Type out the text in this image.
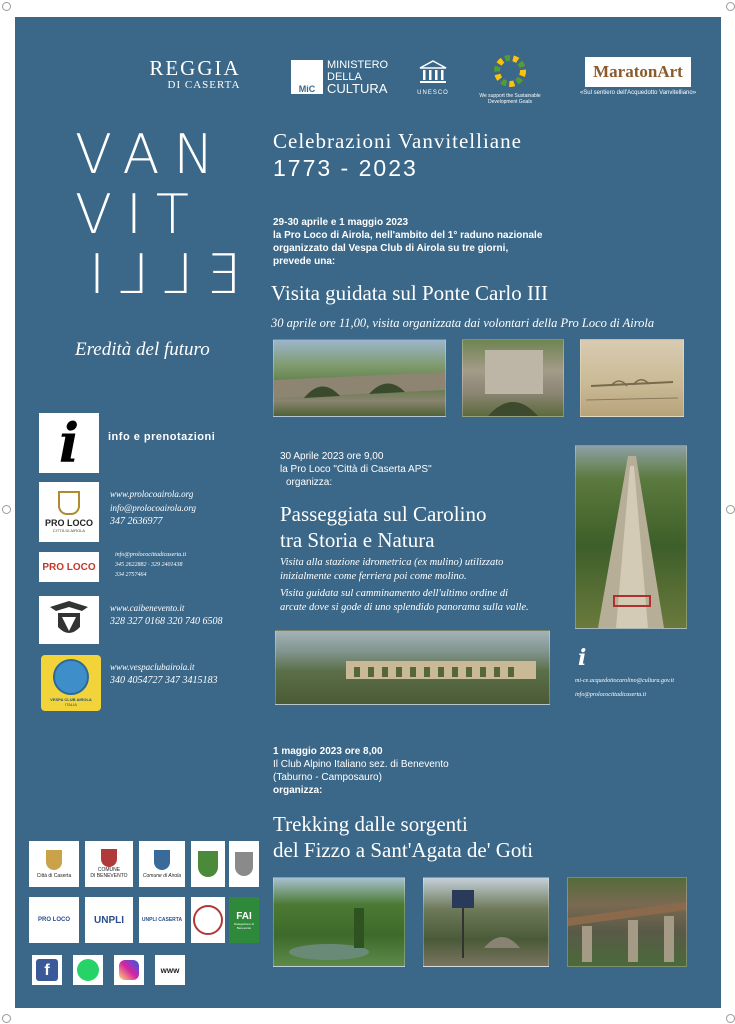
REGGIA
DI CASERTA	MiC
MINISTERO
DELLA
CULTURA	UNESCO	We support the Sustainable Development Goals
MaratonArt
«Sul sentiero dell'Acquedotto Vanvitelliano»
VAN
VIT
ELLI
Eredità del futuro
Celebrazioni Vanvitelliane
1773 - 2023
29-30 aprile e 1 maggio 2023
la Pro Loco di Airola, nell'ambito del 1° raduno nazionale
organizzato dal Vespa Club di Airola su tre giorni,
prevede una:
Visita guidata sul Ponte Carlo III
30 aprile ore 11,00, visita organizzata dai volontari della Pro Loco di Airola
i	info e prenotazioni
PRO LOCO
CITTÀ DI AIROLA
www.prolocoairola.org
info@prolocoairola.org
347 2636977
PRO LOCO
info@prolococittadicaserta.it
345 2622882 · 329 2401438
334 2757464
www.caibenevento.it
328 327 0168 320 740 6508
VESPA CLUB AIROLA
ITALIA
www.vespaclubairola.it
340 4054727 347 3415183
30 Aprile 2023 ore 9,00
la Pro Loco "Città di Caserta APS"
organizza:
Passeggiata sul Carolino
tra Storia e Natura
Visita alla stazione idrometrica (ex mulino) utilizzato
inizialmente come ferriera poi come molino.
Visita guidata sul camminamento dell'ultimo ordine di
arcate dove si gode di uno splendido panorama sulla valle.
i
mi-ce.acquedottocarolino@cultura.gov.it
info@prolococittadicaserta.it
1 maggio 2023 ore 8,00
Il Club Alpino Italiano sez. di Benevento
(Taburno - Camposauro)
organizza:
Trekking dalle sorgenti
del Fizzo a Sant'Agata de' Goti
Città di Caserta
COMUNE
DI BENEVENTO	Comune di Airola
PRO LOCO UNPLI	UNPLI CASERTA	FAI
Delegazione di Benevento
f	www
